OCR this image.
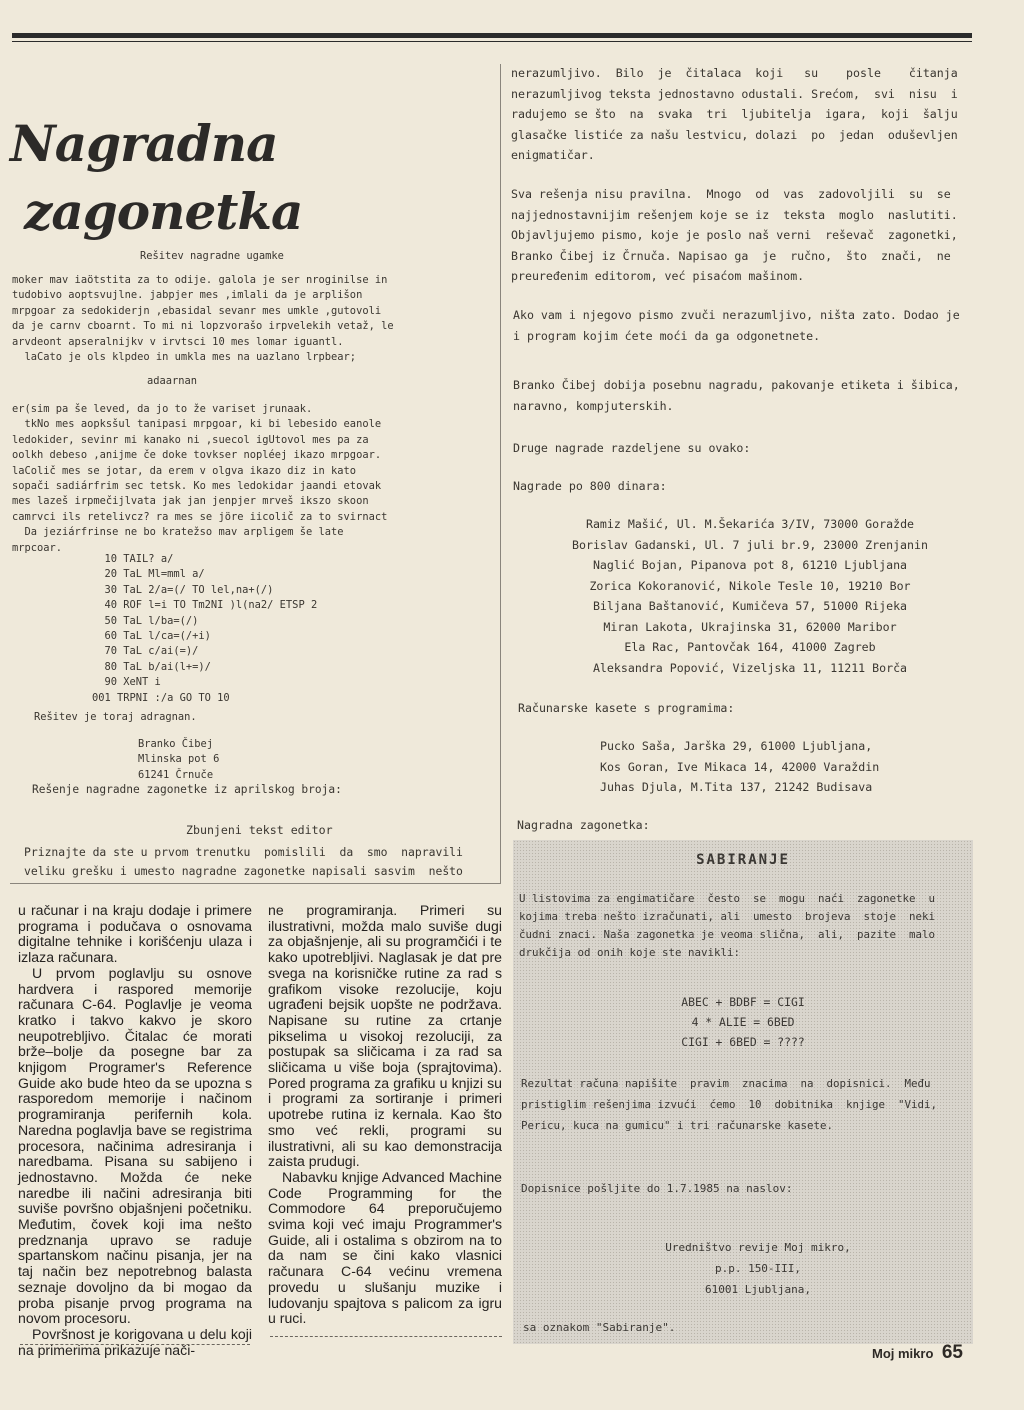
Nagradna
zagonetka
Rešitev nagradne ugamke
moker mav iaötstita za to odije. galola je ser nroginilse in
tudobivo aoptsvujlne. jabpjer mes ,imlali da je arplišon
mrpgoar za sedokiderjn ,ebasidal sevanr mes umkle ,gutovoli
da je carnv cboarnt. To mi ni lopzvorašo irpvelekih vetaž, le
arvdeont apseralnijkv v irvtsci 10 mes lomar iguantl.
laCato je ols klpdeo in umkla mes na uazlano lrpbear;
adaarnan
er(sim pa še leved, da jo to že variset jrunaak.
tkNo mes aopksšul tanipasi mrpgoar, ki bi lebesido eanole
ledokider, sevinr mi kanako ni ,suecol igUtovol mes pa za
oolkh debeso ,anijme če doke tovkser nopléej ikazo mrpgoar.
laColič mes se jotar, da erem v olgva ikazo diz in kato
sopači sadiárfrim sec tetsk. Ko mes ledokidar jaandi etovak
mes lazeš irpmečijlvata jak jan jenpjer mrveš ikszo skoon
camrvci ils retelivcz? ra mes se jöre iicolič za to svirnact
Da jeziárfrinse ne bo kratežso mav arpligem še late
mrpcoar.
10 TAIL? a/
20 TaL Ml=mml a/
30 TaL 2/a=(/ TO lel,na+(/)
40 ROF l=i TO Tm2NI )l(na2/ ETSP 2
50 TaL l/ba=(/)
60 TaL l/ca=(/+i)
70 TaL c/ai(=)/
80 TaL b/ai(l+=)/
90 XeNT i
001 TRPNI :/a GO TO 10
Rešitev je toraj adragnan.
Branko Čibej
Mlinska pot 6
61241 Črnuče
Rešenje nagradne zagonetke iz aprilskog broja:
Zbunjeni tekst editor
Priznajte da ste u prvom trenutku  pomislili  da  smo  napravili
veliku grešku i umesto nagradne zagonetke napisali sasvim  nešto
nerazumljivo.  Bilo  je  čitalaca  koji   su    posle    čitanja
nerazumljivog teksta jednostavno odustali. Srećom,  svi  nisu  i
radujemo se što  na  svaka  tri  ljubitelja  igara,  koji  šalju
glasačke listiće za našu lestvicu, dolazi  po  jedan  oduševljen
enigmatičar.
Sva rešenja nisu pravilna.  Mnogo  od  vas  zadovoljili  su  se
najjednostavnijim rešenjem koje se iz  teksta  moglo  naslutiti.
Objavljujemo pismo, koje je poslo naš verni  reševač  zagonetki,
Branko Čibej iz Črnuča. Napisao ga  je  ručno,  što  znači,  ne
preuređenim editorom, već pisaćom mašinom.
Ako vam i njegovo pismo zvuči nerazumljivo, ništa zato. Dodao je
i program kojim ćete moći da ga odgonetnete.
Branko Čibej dobija posebnu nagradu, pakovanje etiketa i šibica,
naravno, kompjuterskih.
Druge nagrade razdeljene su ovako:
Nagrade po 800 dinara:
Ramiz Mašić, Ul. M.Šekarića 3/IV, 73000 Goražde
Borislav Gadanski, Ul. 7 juli br.9, 23000 Zrenjanin
Naglić Bojan, Pipanova pot 8, 61210 Ljubljana
Zorica Kokoranović, Nikole Tesle 10, 19210 Bor
Biljana Baštanović, Kumičeva 57, 51000 Rijeka
Miran Lakota, Ukrajinska 31, 62000 Maribor
Ela Rac, Pantovčak 164, 41000 Zagreb
Aleksandra Popović, Vizeljska 11, 11211 Borča
Računarske kasete s programima:
Pucko Saša, Jarška 29, 61000 Ljubljana,
Kos Goran, Ive Mikaca 14, 42000 Varaždin
Juhas Djula, M.Tita 137, 21242 Budisava
Nagradna zagonetka:
SABIRANJE
U listovima za engimatičare  često  se  mogu  naći  zagonetke  u
kojima treba nešto izračunati, ali  umesto  brojeva  stoje  neki
čudni znaci. Naša zagonetka je veoma slična,  ali,  pazite  malo
drukčija od onih koje ste navikli:
ABEC + BDBF = CIGI
4 * ALIE = 6BED
CIGI + 6BED = ????
Rezultat računa napišite  pravim  znacima  na  dopisnici.  Među
pristiglim rešenjima izvući  ćemo  10  dobitnika  knjige  "Vidi,
Pericu, kuca na gumicu" i tri računarske kasete.
Dopisnice pošljite do 1.7.1985 na naslov:
Uredništvo revije Moj mikro,
p.p. 150-III,
61001 Ljubljana,
sa oznakom "Sabiranje".

u računar i na kraju dodaje i primere programa i podučava o osnovama digitalne tehnike i korišćenju ulaza i izlaza računara.

U prvom poglavlju su osnove hardvera i raspored memorije računara C-64. Poglavlje je veoma kratko i takvo kakvo je skoro neupotrebljivo. Čitalac će morati brže–bolje da posegne bar za knjigom Programer's Reference Guide ako bude hteo da se upozna s rasporedom memorije i načinom programiranja perifernih kola. Naredna poglavlja bave se registrima procesora, načinima adresiranja i naredbama. Pisana su sabijeno i jednostavno. Možda će neke naredbe ili načini adresiranja biti suviše površno objašnjeni početniku. Međutim, čovek koji ima nešto predznanja upravo se raduje spartanskom načinu pisanja, jer na taj način bez nepotrebnog balasta seznaje dovoljno da bi mogao da proba pisanje prvog programa na novom procesoru.

Površnost je korigovana u delu koji na primerima prikazuje nači-

ne programiranja. Primeri su ilustrativni, možda malo suviše dugi za objašnjenje, ali su programčići i te kako upotrebljivi. Naglasak je dat pre svega na korisničke rutine za rad s grafikom visoke rezolucije, koju ugrađeni bejsik uopšte ne podržava. Napisane su rutine za crtanje pikselima u visokoj rezoluciji, za postupak sa sličicama i za rad sa sličicama u više boja (sprajtovima). Pored programa za grafiku u knjizi su i programi za sortiranje i primeri upotrebe rutina iz kernala. Kao što smo već rekli, programi su ilustrativni, ali su kao demonstracija zaista prudugi.

Nabavku knjige Advanced Machine Code Programming for the Commodore 64 preporučujemo svima koji već imaju Programmer's Guide, ali i ostalima s obzirom na to da nam se čini kako vlasnici računara C-64 većinu vremena provedu u slušanju muzike i ludovanju spajtova s palicom za igru u ruci.

Moj mikro 65
